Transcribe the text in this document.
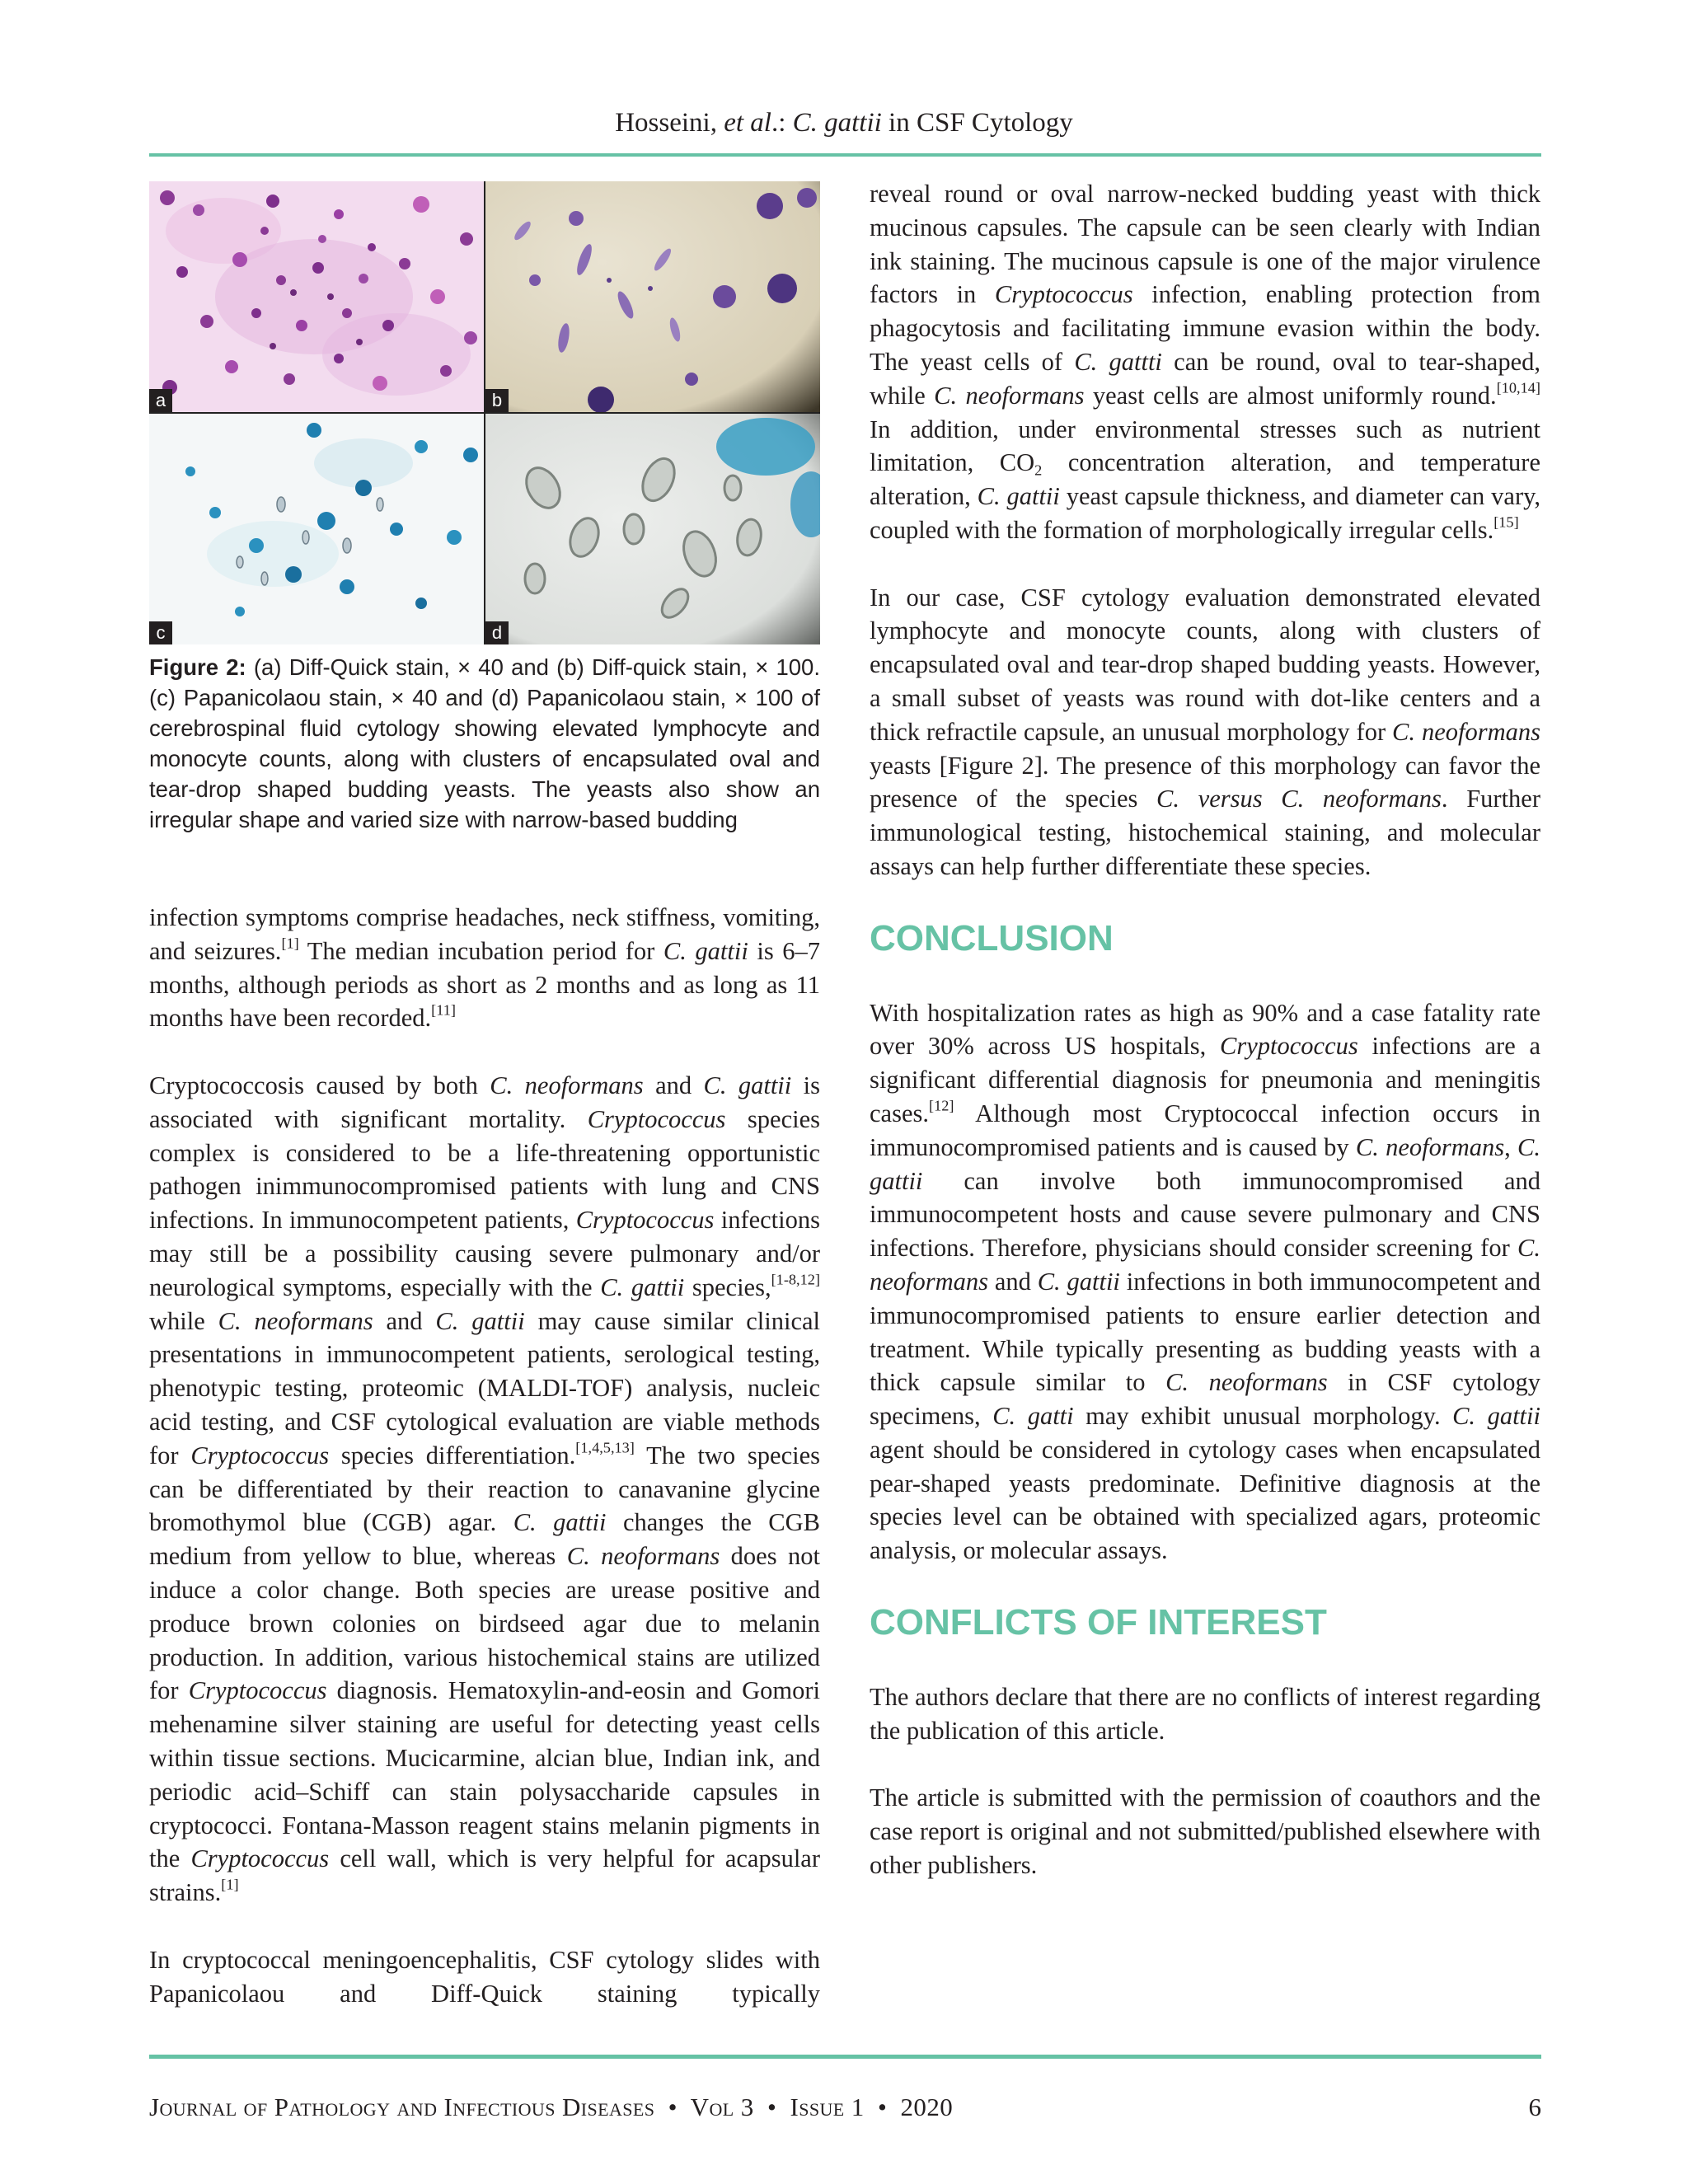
Hosseini, et al.: C. gattii in CSF Cytology
a	b
c	d
Figure 2: (a) Diff-Quick stain, × 40 and (b) Diff-quick stain, × 100. (c) Papanicolaou stain, × 40 and (d) Papanicolaou stain, × 100 of cerebrospinal fluid cytology showing elevated lymphocyte and monocyte counts, along with clusters of encapsulated oval and tear-drop shaped budding yeasts. The yeasts also show an irregular shape and varied size with narrow-based budding

infection symptoms comprise headaches, neck stiffness, vomiting, and seizures.[1] The median incubation period for C. gattii is 6–7 months, although periods as short as 2 months and as long as 11 months have been recorded.[11]

Cryptococcosis caused by both C. neoformans and C. gattii is associated with significant mortality. Cryptococcus species complex is considered to be a life-threatening opportunistic pathogen inimmunocompromised patients with lung and CNS infections. In immunocompetent patients, Cryptococcus infections may still be a possibility causing severe pulmonary and/or neurological symptoms, especially with the C. gattii species,[1-8,12] while C. neoformans and C. gattii may cause similar clinical presentations in immunocompetent patients, serological testing, phenotypic testing, proteomic (MALDI-TOF) analysis, nucleic acid testing, and CSF cytological evaluation are viable methods for Cryptococcus species differentiation.[1,4,5,13] The two species can be differentiated by their reaction to canavanine glycine bromothymol blue (CGB) agar. C. gattii changes the CGB medium from yellow to blue, whereas C. neoformans does not induce a color change. Both species are urease positive and produce brown colonies on birdseed agar due to melanin production. In addition, various histochemical stains are utilized for Cryptococcus diagnosis. Hematoxylin-and-eosin and Gomori mehenamine silver staining are useful for detecting yeast cells within tissue sections. Mucicarmine, alcian blue, Indian ink, and periodic acid–Schiff can stain polysaccharide capsules in cryptococci. Fontana-Masson reagent stains melanin pigments in the Cryptococcus cell wall, which is very helpful for acapsular strains.[1]

In cryptococcal meningoencephalitis, CSF cytology slides with Papanicolaou and Diff-Quick staining typically

reveal round or oval narrow-necked budding yeast with thick mucinous capsules. The capsule can be seen clearly with Indian ink staining. The mucinous capsule is one of the major virulence factors in Cryptococcus infection, enabling protection from phagocytosis and facilitating immune evasion within the body. The yeast cells of C. gattti can be round, oval to tear-shaped, while C. neoformans yeast cells are almost uniformly round.[10,14] In addition, under environmental stresses such as nutrient limitation, $CO_2$ concentration alteration, and temperature alteration, C. gattii yeast capsule thickness, and diameter can vary, coupled with the formation of morphologically irregular cells.[15]

In our case, CSF cytology evaluation demonstrated elevated lymphocyte and monocyte counts, along with clusters of encapsulated oval and tear-drop shaped budding yeasts. However, a small subset of yeasts was round with dot-like centers and a thick refractile capsule, an unusual morphology for C. neoformans yeasts [Figure 2]. The presence of this morphology can favor the presence of the species C. versus C. neoformans. Further immunological testing, histochemical staining, and molecular assays can help further differentiate these species.

CONCLUSION

With hospitalization rates as high as 90% and a case fatality rate over 30% across US hospitals, Cryptococcus infections are a significant differential diagnosis for pneumonia and meningitis cases.[12] Although most Cryptococcal infection occurs in immunocompromised patients and is caused by C. neoformans, C. gattii can involve both immunocompromised and immunocompetent hosts and cause severe pulmonary and CNS infections. Therefore, physicians should consider screening for C. neoformans and C. gattii infections in both immunocompetent and immunocompromised patients to ensure earlier detection and treatment. While typically presenting as budding yeasts with a thick capsule similar to C. neoformans in CSF cytology specimens, C. gatti may exhibit unusual morphology. C. gattii agent should be considered in cytology cases when encapsulated pear-shaped yeasts predominate. Definitive diagnosis at the species level can be obtained with specialized agars, proteomic analysis, or molecular assays.

CONFLICTS OF INTEREST

The authors declare that there are no conflicts of interest regarding the publication of this article.

The article is submitted with the permission of coauthors and the case report is original and not submitted/published elsewhere with other publishers.

Journal of Pathology and Infectious Diseases  •  Vol 3  •  Issue 1  •  2020	6
